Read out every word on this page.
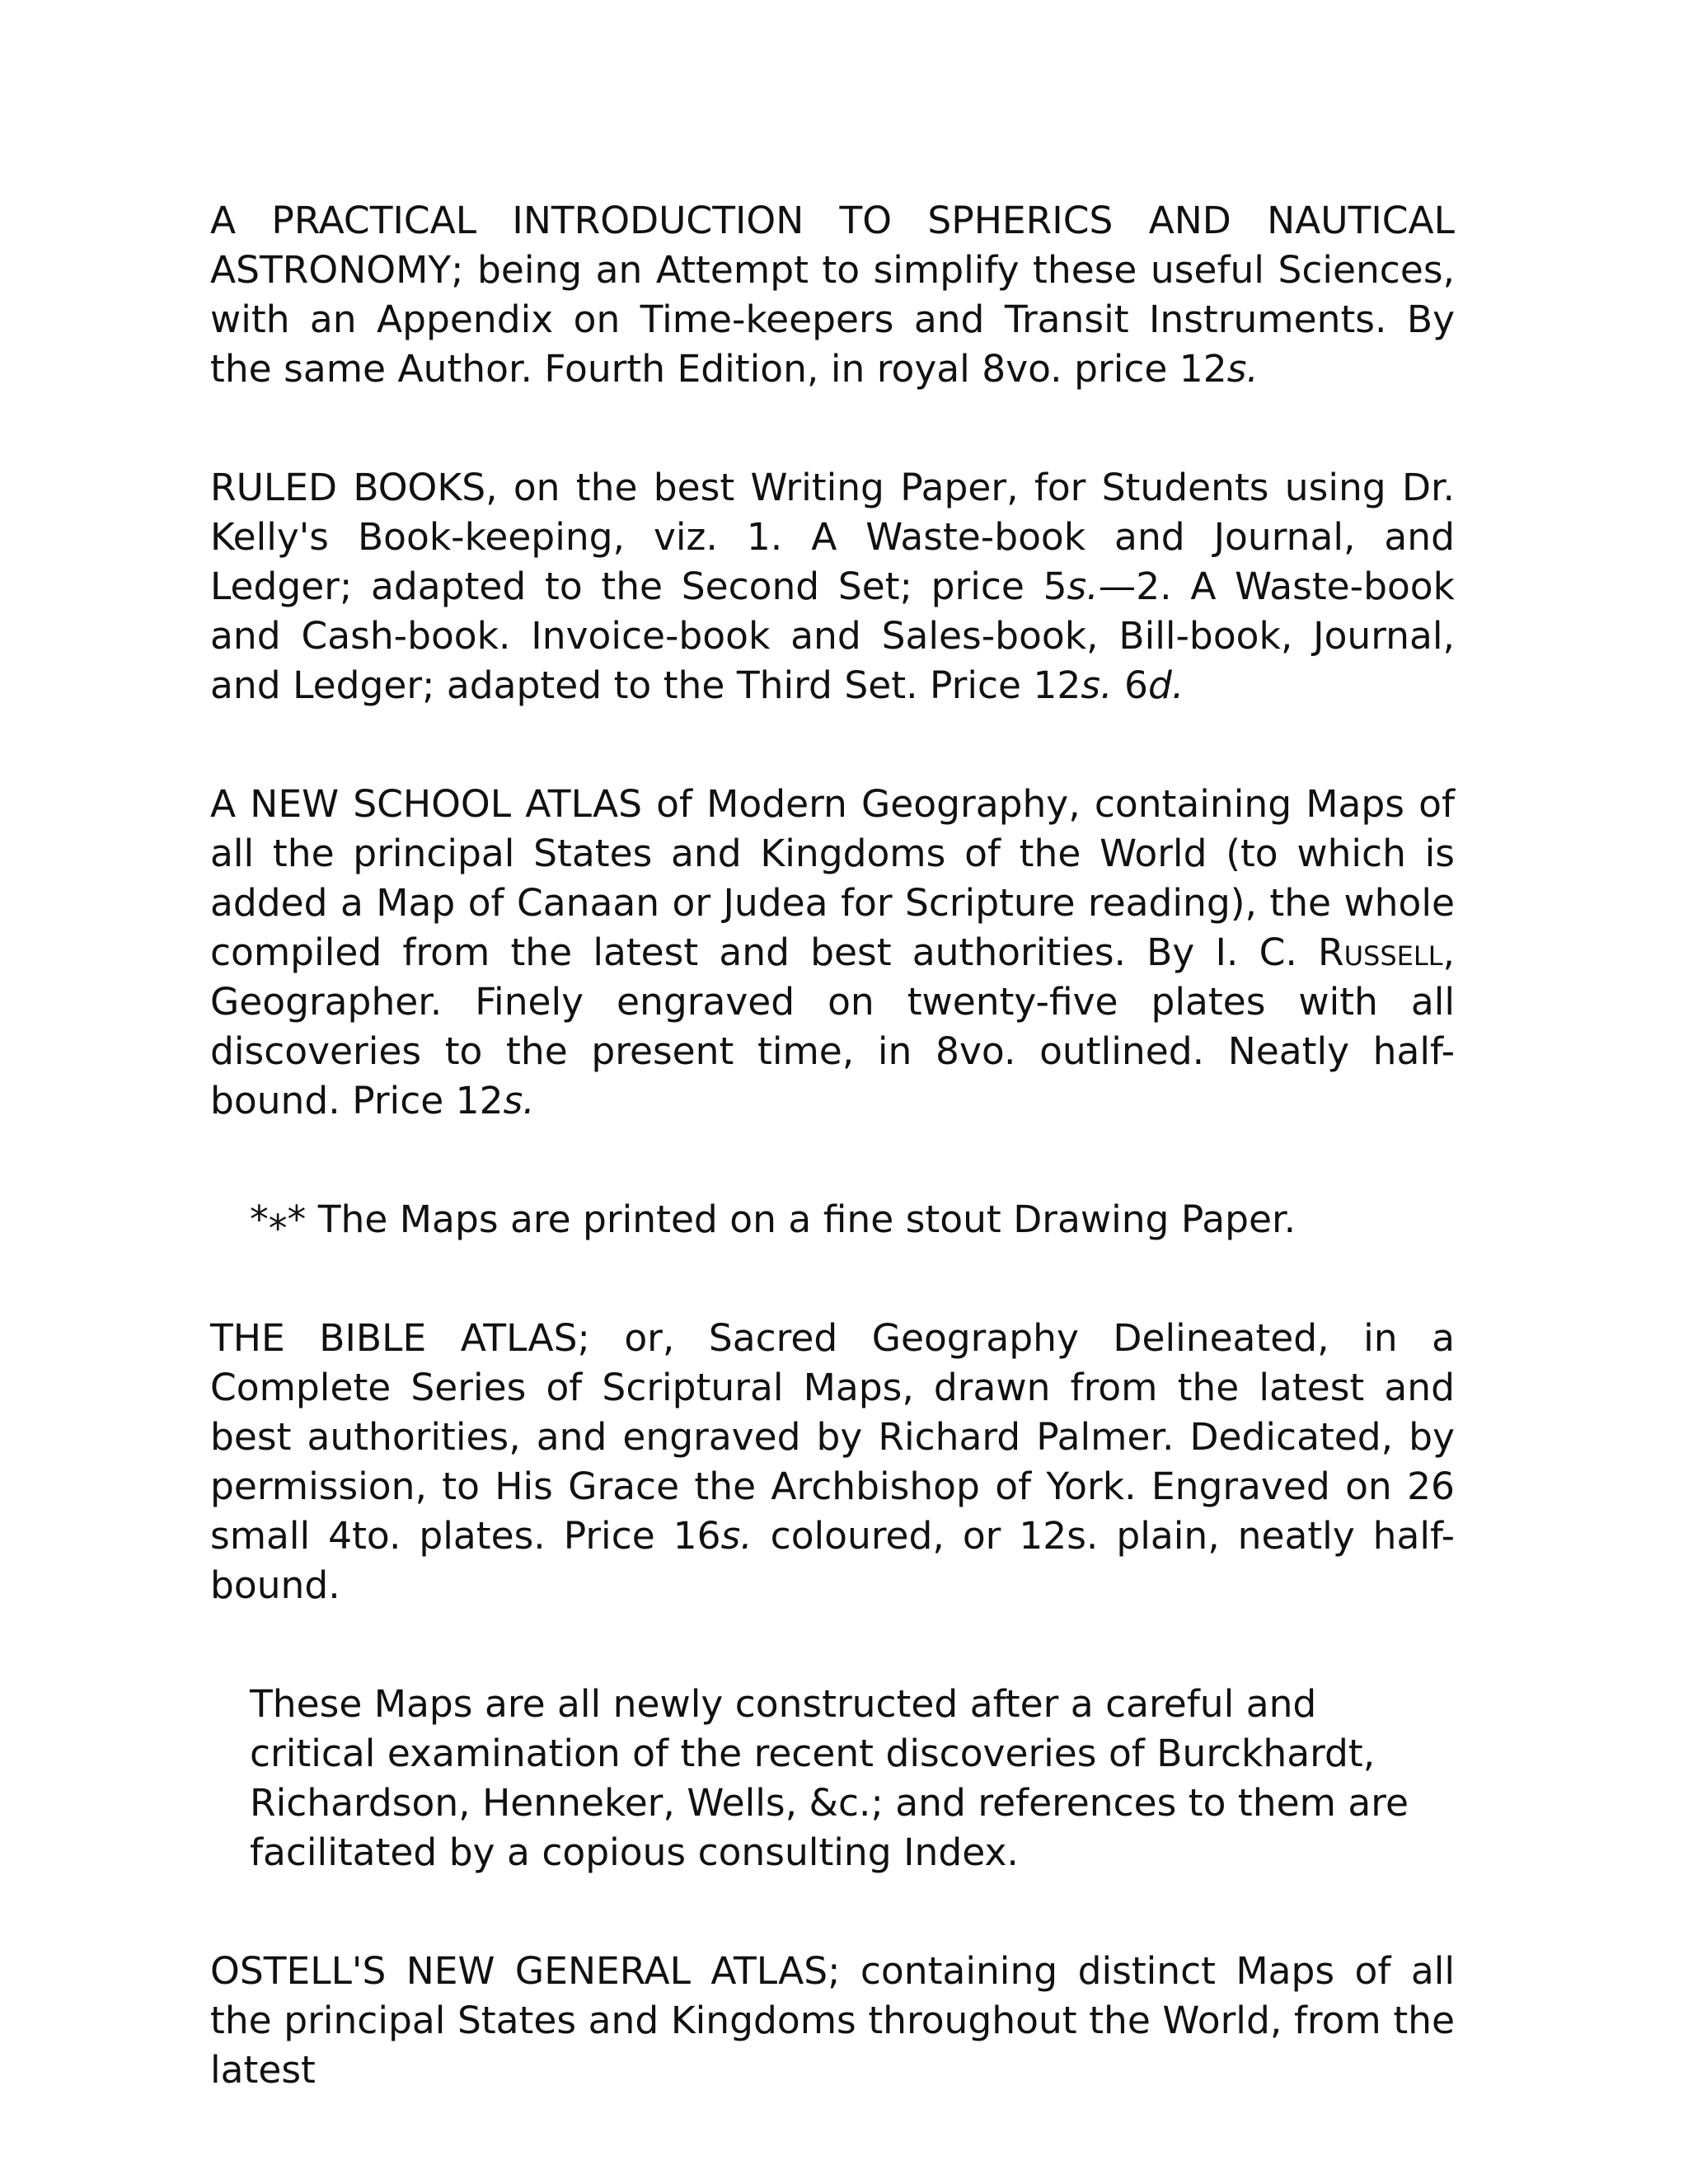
A PRACTICAL INTRODUCTION TO SPHERICS AND NAUTICAL ASTRONOMY; being an Attempt to simplify these useful Sciences, with an Appendix on Time-keepers and Transit Instruments. By the same Author. Fourth Edition, in royal 8vo. price 12s.

RULED BOOKS, on the best Writing Paper, for Students using Dr. Kelly's Book-keeping, viz. 1. A Waste-book and Journal, and Ledger; adapted to the Second Set; price 5s.—2. A Waste-book and Cash-book. Invoice-book and Sales-book, Bill-book, Journal, and Ledger; adapted to the Third Set. Price 12s. 6d.

A NEW SCHOOL ATLAS of Modern Geography, containing Maps of all the principal States and Kingdoms of the World (to which is added a Map of Canaan or Judea for Scripture reading), the whole compiled from the latest and best authorities. By I. C. Russell, Geographer. Finely engraved on twenty-five plates with all discoveries to the present time, in 8vo. outlined. Neatly half-bound. Price 12s.

*** The Maps are printed on a fine stout Drawing Paper.

THE BIBLE ATLAS; or, Sacred Geography Delineated, in a Complete Series of Scriptural Maps, drawn from the latest and best authorities, and engraved by Richard Palmer. Dedicated, by permission, to His Grace the Archbishop of York. Engraved on 26 small 4to. plates. Price 16s. coloured, or 12s. plain, neatly half-bound.

These Maps are all newly constructed after a careful and critical examination of the recent discoveries of Burckhardt, Richardson, Henneker, Wells, &c.; and references to them are facilitated by a copious consulting Index.

OSTELL'S NEW GENERAL ATLAS; containing distinct Maps of all the principal States and Kingdoms throughout the World, from the latest
